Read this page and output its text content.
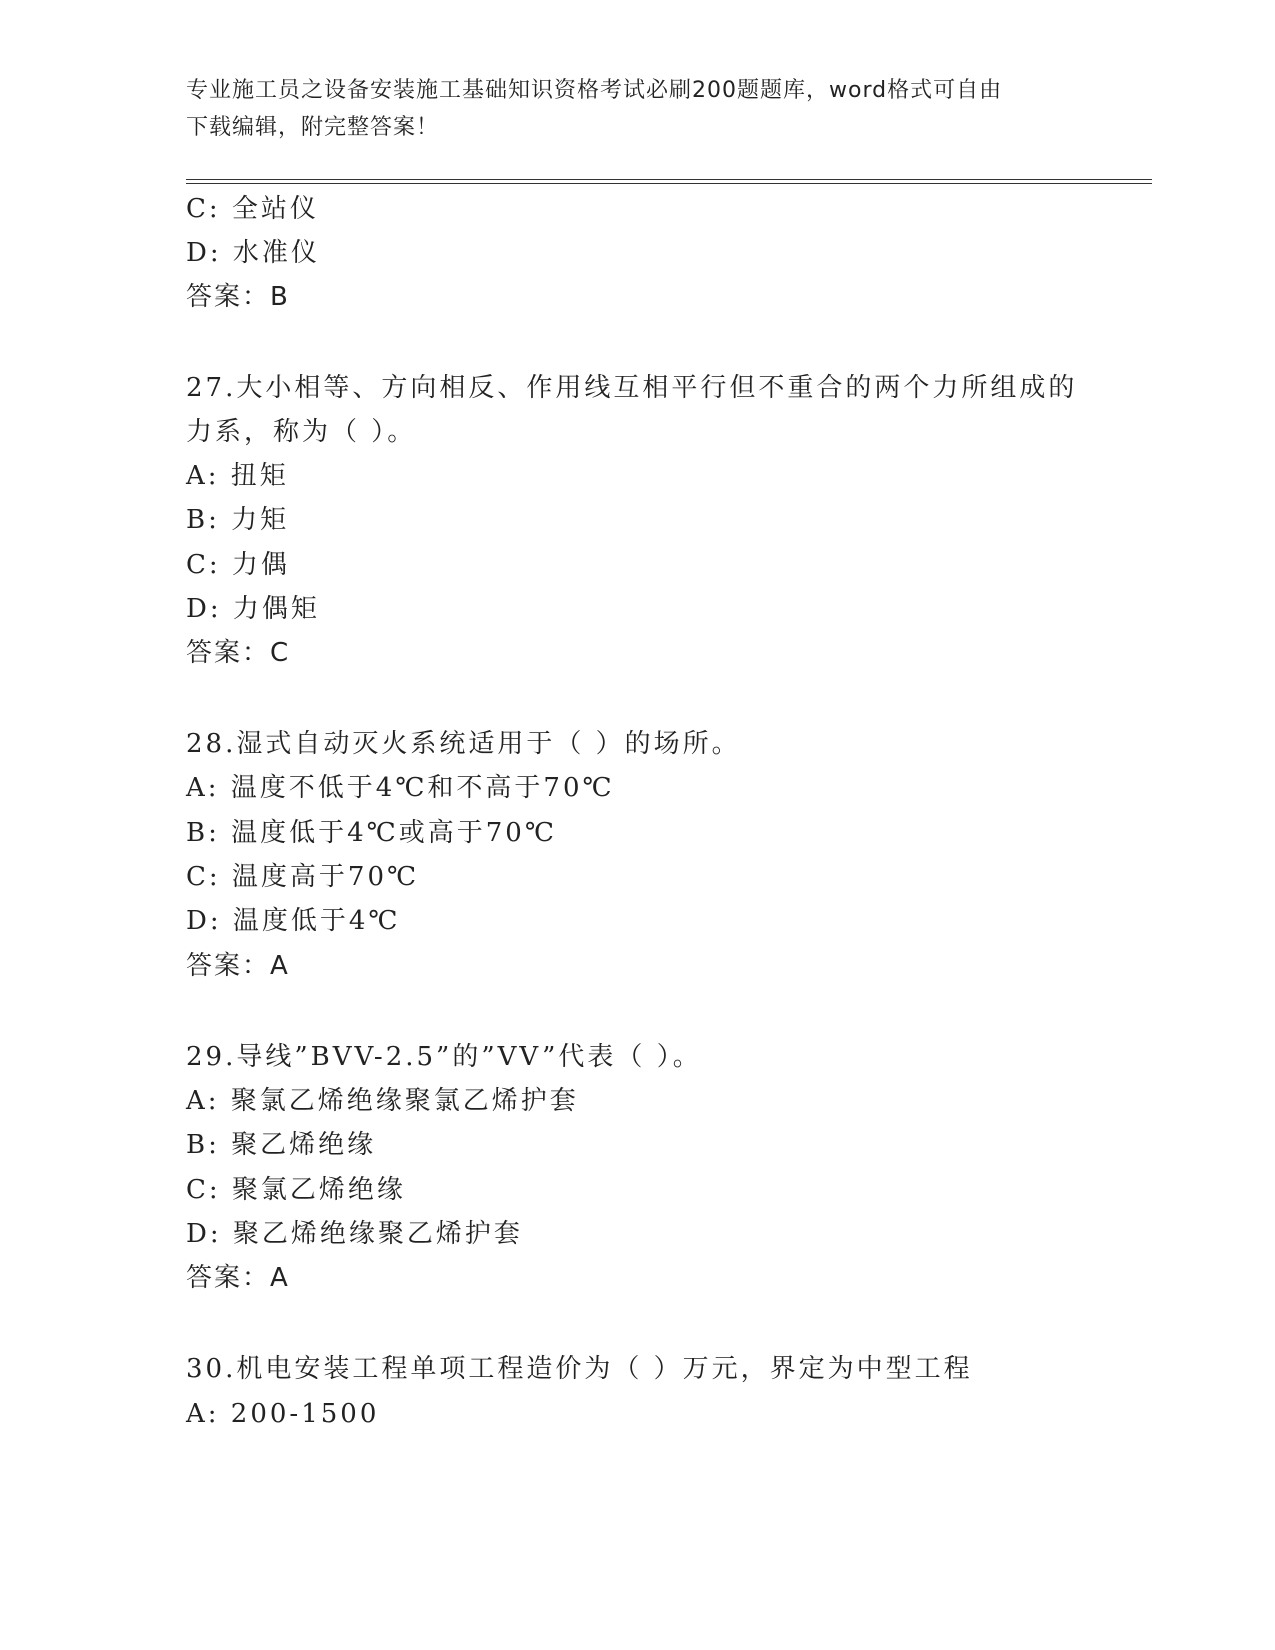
专业施工员之设备安装施工基础知识资格考试必刷200题题库，word格式可自由
下载编辑，附完整答案！
C: 全站仪
D: 水准仪
答案：B
27.大小相等、方向相反、作用线互相平行但不重合的两个力所组成的
力系，称为（ ）。
A: 扭矩
B: 力矩
C: 力偶
D: 力偶矩
答案：C
28.湿式自动灭火系统适用于（ ）的场所。
A: 温度不低于4℃和不高于70℃
B: 温度低于4℃或高于70℃
C: 温度高于70℃
D: 温度低于4℃
答案：A
29.导线”BVV-2.5”的”VV”代表（ ）。
A: 聚氯乙烯绝缘聚氯乙烯护套
B: 聚乙烯绝缘
C: 聚氯乙烯绝缘
D: 聚乙烯绝缘聚乙烯护套
答案：A
30.机电安装工程单项工程造价为（ ）万元，界定为中型工程
A: 200-1500
